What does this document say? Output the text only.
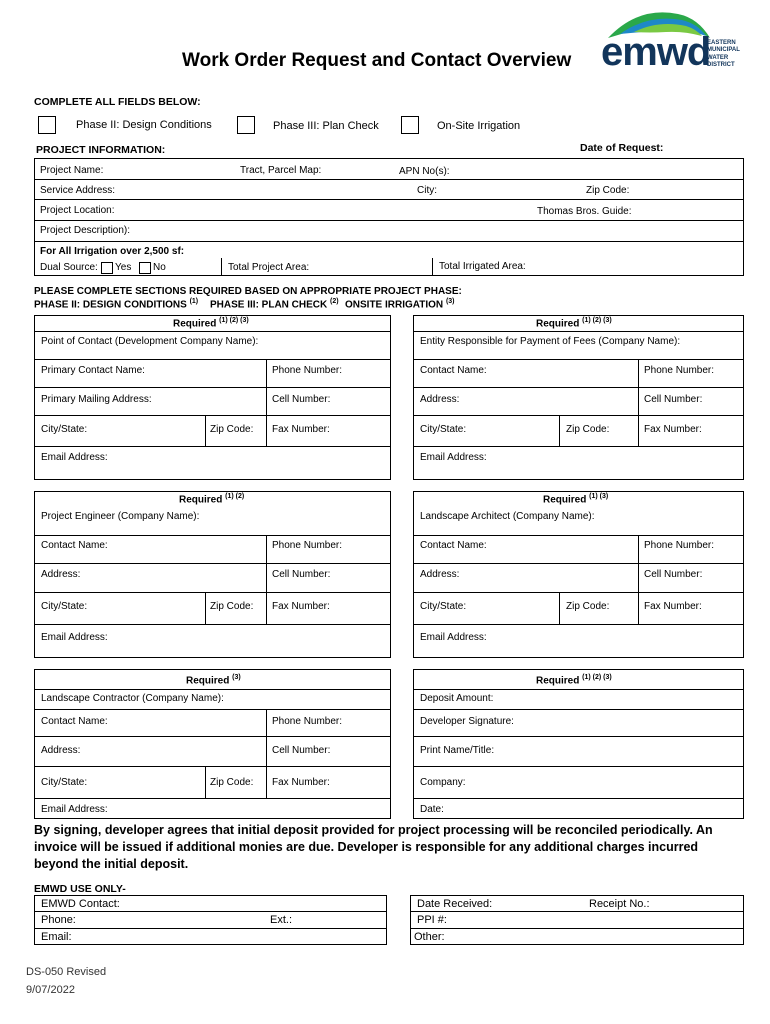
Work Order Request and Contact Overview emwd
EASTERN MUNICIPAL WATER DISTRICT
COMPLETE ALL FIELDS BELOW:
Phase II: Design Conditions	Phase III: Plan Check	On-Site Irrigation
PROJECT INFORMATION:	Date of Request:
Project Name:	Tract, Parcel Map:	APN No(s):
Service Address:	City:	Zip Code:
Project Location:	Thomas Bros. Guide:
Project Description):
For All Irrigation over 2,500 sf:
Dual Source: Yes No	Total Project Area:	Total Irrigated Area:
PLEASE COMPLETE SECTIONS REQUIRED BASED ON APPROPRIATE PROJECT PHASE:
PHASE II: DESIGN CONDITIONS $^{(1)}$ PHASE III: PLAN CHECK $^{(2)}$ ONSITE IRRIGATION $^{(3)}$
Required $^{(1) (2) (3)}$
Point of Contact (Development Company Name):
Primary Contact Name:	Phone Number:
Primary Mailing Address:	Cell Number:
City/State:	Zip Code: Fax Number:
Email Address:
Required $^{(1) (2) (3)}$
Entity Responsible for Payment of Fees (Company Name):
Contact Name:	Phone Number:
Address:	Cell Number:
City/State:	Zip Code:	Fax Number:
Email Address:
Required $^{(1) (2)}$
Project Engineer (Company Name):
Contact Name:	Phone Number:
Address:	Cell Number:
City/State:	Zip Code: Fax Number:
Email Address:
Required $^{(1) (3)}$
Landscape Architect (Company Name):
Contact Name:	Phone Number:
Address:	Cell Number:
City/State:	Zip Code:	Fax Number:
Email Address:
Required $^{(3)}$
Landscape Contractor (Company Name):
Contact Name:	Phone Number:
Address:	Cell Number:
City/State:	Zip Code: Fax Number:
Email Address:
Required $^{(1) (2) (3)}$
Deposit Amount:
Developer Signature:
Print Name/Title:
Company:
Date:
By signing, developer agrees that initial deposit provided for project processing will be reconciled periodically. An invoice will be issued if additional monies are due. Developer is responsible for any additional charges incurred beyond the initial deposit.
EMWD USE ONLY-
EMWD Contact:
Phone:	Ext.:
Email:
Date Received:	Receipt No.:
PPI #:
Other:
DS-050 Revised
9/07/2022
